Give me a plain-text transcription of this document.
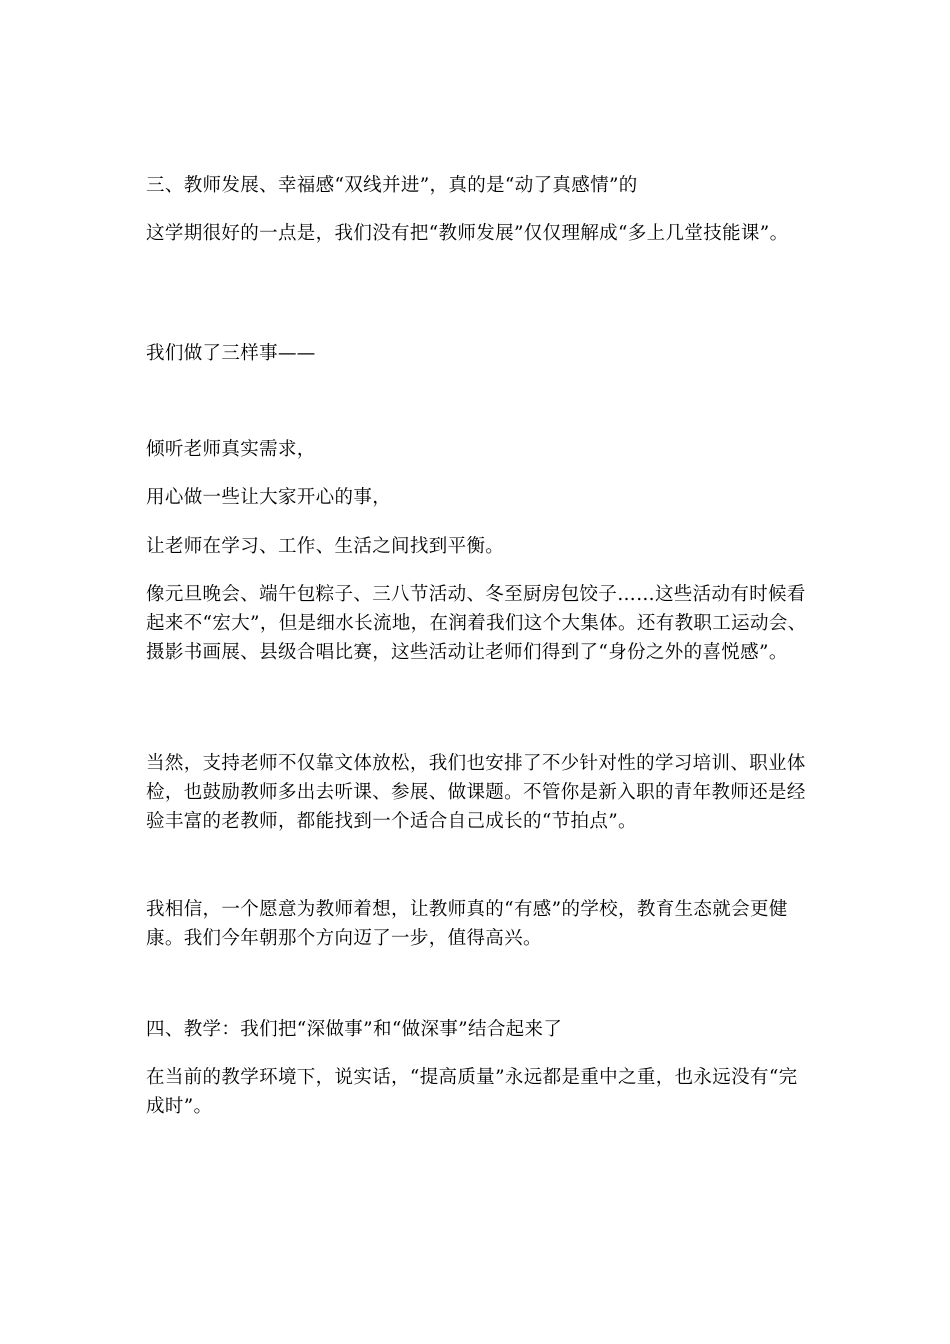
三、教师发展、幸福感“双线并进”，真的是“动了真感情”的

这学期很好的一点是，我们没有把“教师发展”仅仅理解成“多上几堂技能课”。

我们做了三样事——

倾听老师真实需求，

用心做一些让大家开心的事，

让老师在学习、工作、生活之间找到平衡。

像元旦晚会、端午包粽子、三八节活动、冬至厨房包饺子……这些活动有时候看起来不“宏大”，但是细水长流地，在润着我们这个大集体。还有教职工运动会、摄影书画展、县级合唱比赛，这些活动让老师们得到了“身份之外的喜悦感”。

当然，支持老师不仅靠文体放松，我们也安排了不少针对性的学习培训、职业体检，也鼓励教师多出去听课、参展、做课题。不管你是新入职的青年教师还是经验丰富的老教师，都能找到一个适合自己成长的“节拍点”。

我相信，一个愿意为教师着想，让教师真的“有感”的学校，教育生态就会更健康。我们今年朝那个方向迈了一步，值得高兴。

四、教学：我们把“深做事”和“做深事”结合起来了

在当前的教学环境下，说实话，“提高质量”永远都是重中之重，也永远没有“完成时”。
